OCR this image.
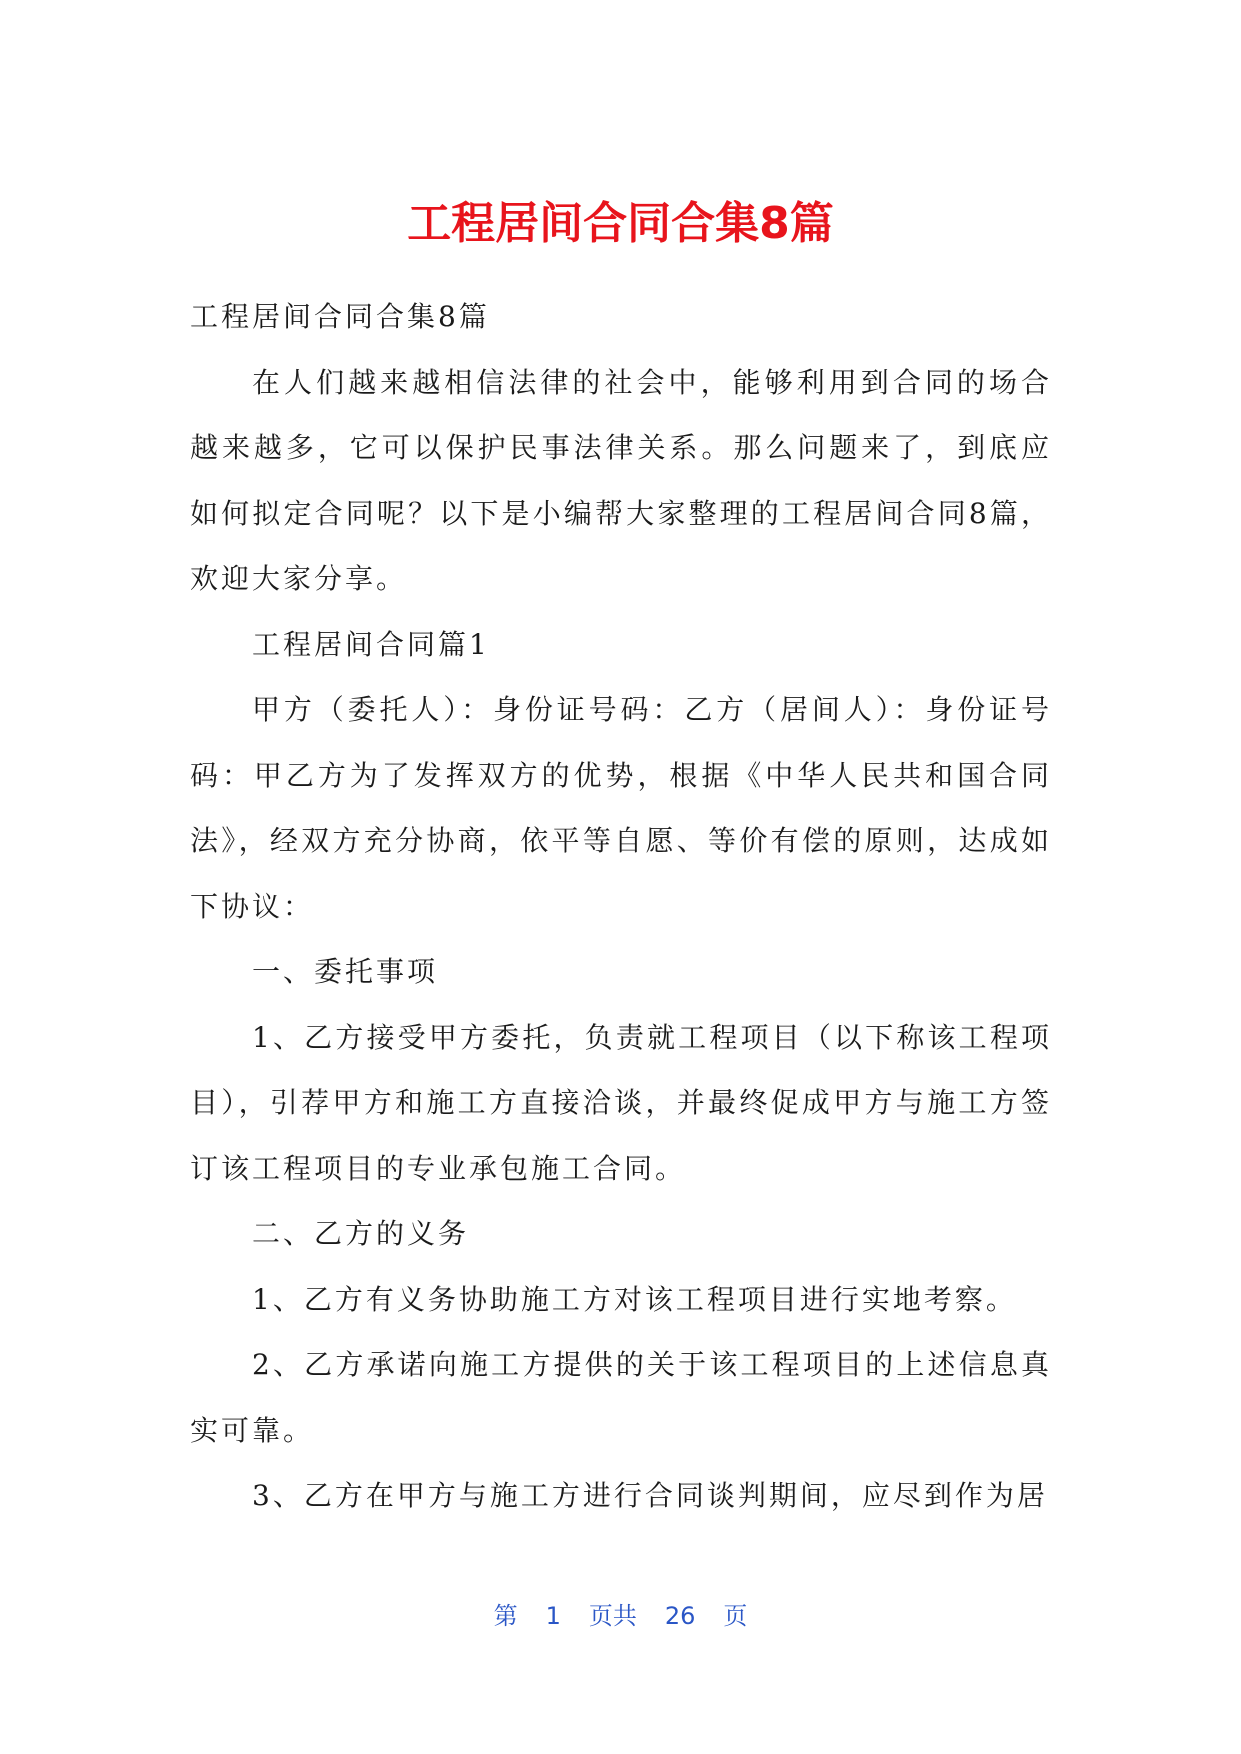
工程居间合同合集8篇

工程居间合同合集8篇

在人们越来越相信法律的社会中，能够利用到合同的场合越来越多，它可以保护民事法律关系。那么问题来了，到底应如何拟定合同呢？以下是小编帮大家整理的工程居间合同8篇，欢迎大家分享。

工程居间合同篇1

甲方（委托人）：身份证号码：乙方（居间人）：身份证号码：甲乙方为了发挥双方的优势，根据《中华人民共和国合同法》，经双方充分协商，依平等自愿、等价有偿的原则，达成如下协议：

一、委托事项

1、乙方接受甲方委托，负责就工程项目（以下称该工程项目），引荐甲方和施工方直接洽谈，并最终促成甲方与施工方签订该工程项目的专业承包施工合同。

二、乙方的义务

1、乙方有义务协助施工方对该工程项目进行实地考察。

2、乙方承诺向施工方提供的关于该工程项目的上述信息真实可靠。

3、乙方在甲方与施工方进行合同谈判期间，应尽到作为居

第 1 页共 26 页
